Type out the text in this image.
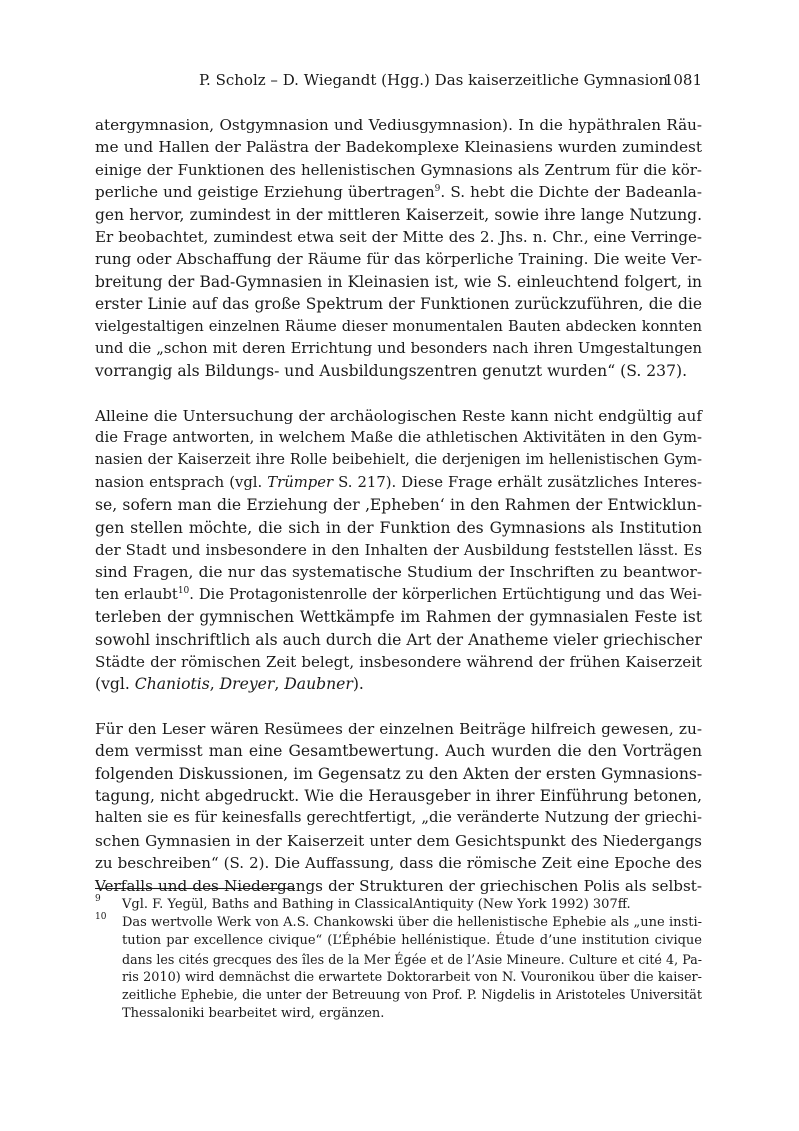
P. Scholz – D. Wiegandt (Hgg.) Das kaiserzeitliche Gymnasion
1081
atergymnasion, Ostgymnasion und Vediusgymnasion). In die hypäthralen Räu-
me und Hallen der Palästra der Badekomplexe Kleinasiens wurden zumindest
einige der Funktionen des hellenistischen Gymnasions als Zentrum für die kör-
perliche und geistige Erziehung übertragen$^9$. S. hebt die Dichte der Badeanla-
gen hervor, zumindest in der mittleren Kaiserzeit, sowie ihre lange Nutzung.
Er beobachtet, zumindest etwa seit der Mitte des 2. Jhs. n. Chr., eine Verringe-
rung oder Abschaffung der Räume für das körperliche Training. Die weite Ver-
breitung der Bad-Gymnasien in Kleinasien ist, wie S. einleuchtend folgert, in
erster Linie auf das große Spektrum der Funktionen zurückzuführen, die die
vielgestaltigen einzelnen Räume dieser monumentalen Bauten abdecken konnten
und die „schon mit deren Errichtung und besonders nach ihren Umgestaltungen
vorrangig als Bildungs- und Ausbildungszentren genutzt wurden“ (S. 237).
Alleine die Untersuchung der archäologischen Reste kann nicht endgültig auf
die Frage antworten, in welchem Maße die athletischen Aktivitäten in den Gym-
nasien der Kaiserzeit ihre Rolle beibehielt, die derjenigen im hellenistischen Gym-
nasion entsprach (vgl. Trümper S. 217). Diese Frage erhält zusätzliches Interes-
se, sofern man die Erziehung der ‚Epheben‘ in den Rahmen der Entwicklun-
gen stellen möchte, die sich in der Funktion des Gymnasions als Institution
der Stadt und insbesondere in den Inhalten der Ausbildung feststellen lässt. Es
sind Fragen, die nur das systematische Studium der Inschriften zu beantwor-
ten erlaubt$^{10}$. Die Protagonistenrolle der körperlichen Ertüchtigung und das Wei-
terleben der gymnischen Wettkämpfe im Rahmen der gymnasialen Feste ist
sowohl inschriftlich als auch durch die Art der Anatheme vieler griechischer
Städte der römischen Zeit belegt, insbesondere während der frühen Kaiserzeit
(vgl. Chaniotis, Dreyer, Daubner).
Für den Leser wären Resümees der einzelnen Beiträge hilfreich gewesen, zu-
dem vermisst man eine Gesamtbewertung. Auch wurden die den Vorträgen
folgenden Diskussionen, im Gegensatz zu den Akten der ersten Gymnasions-
tagung, nicht abgedruckt. Wie die Herausgeber in ihrer Einführung betonen,
halten sie es für keinesfalls gerechtfertigt, „die veränderte Nutzung der griechi-
schen Gymnasien in der Kaiserzeit unter dem Gesichtspunkt des Niedergangs
zu beschreiben“ (S. 2). Die Auffassung, dass die römische Zeit eine Epoche des
Verfalls und des Niedergangs der Strukturen der griechischen Polis als selbst-
9 Vgl. F. Yegül, Baths and Bathing in ClassicalAntiquity (New York 1992) 307ff.
10 Das wertvolle Werk von A.S. Chankowski über die hellenistische Ephebie als „une insti-
tution par excellence civique“ (L’Éphébie hellénistique. Étude d’une institution civique
dans les cités grecques des îles de la Mer Égée et de l’Asie Mineure. Culture et cité 4, Pa-
ris 2010) wird demnächst die erwartete Doktorarbeit von N. Vouronikou über die kaiser-
zeitliche Ephebie, die unter der Betreuung von Prof. P. Nigdelis in Aristoteles Universität
Thessaloniki bearbeitet wird, ergänzen.
